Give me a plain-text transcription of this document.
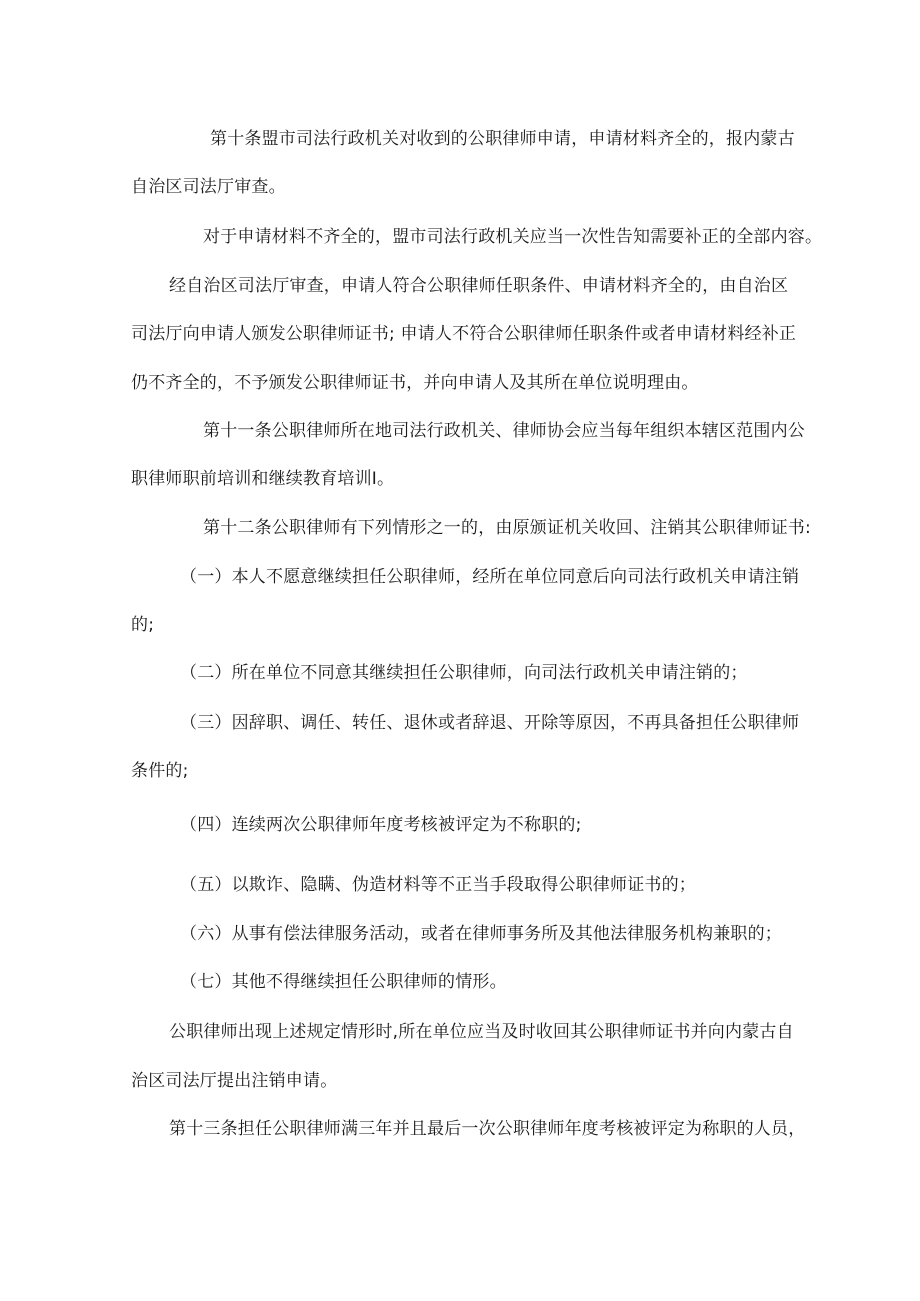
第十条盟市司法行政机关对收到的公职律师申请，申请材料齐全的，报内蒙古
自治区司法厅审查。
对于申请材料不齐全的，盟市司法行政机关应当一次性告知需要补正的全部内容。
经自治区司法厅审查，申请人符合公职律师任职条件、申请材料齐全的，由自治区
司法厅向申请人颁发公职律师证书; 申请人不符合公职律师任职条件或者申请材料经补正
仍不齐全的，不予颁发公职律师证书，并向申请人及其所在单位说明理由。
第十一条公职律师所在地司法行政机关、律师协会应当每年组织本辖区范围内公
职律师职前培训和继续教育培训I。
第十二条公职律师有下列情形之一的，由原颁证机关收回、注销其公职律师证书:
（一）本人不愿意继续担任公职律师，经所在单位同意后向司法行政机关申请注销
的;
（二）所在单位不同意其继续担任公职律师，向司法行政机关申请注销的；
（三）因辞职、调任、转任、退休或者辞退、开除等原因，不再具备担任公职律师
条件的;
（四）连续两次公职律师年度考核被评定为不称职的;
（五）以欺诈、隐瞒、伪造材料等不正当手段取得公职律师证书的；
（六）从事有偿法律服务活动，或者在律师事务所及其他法律服务机构兼职的；
（七）其他不得继续担任公职律师的情形。
公职律师出现上述规定情形时,所在单位应当及时收回其公职律师证书并向内蒙古自
治区司法厅提出注销申请。
第十三条担任公职律师满三年并且最后一次公职律师年度考核被评定为称职的人员，
